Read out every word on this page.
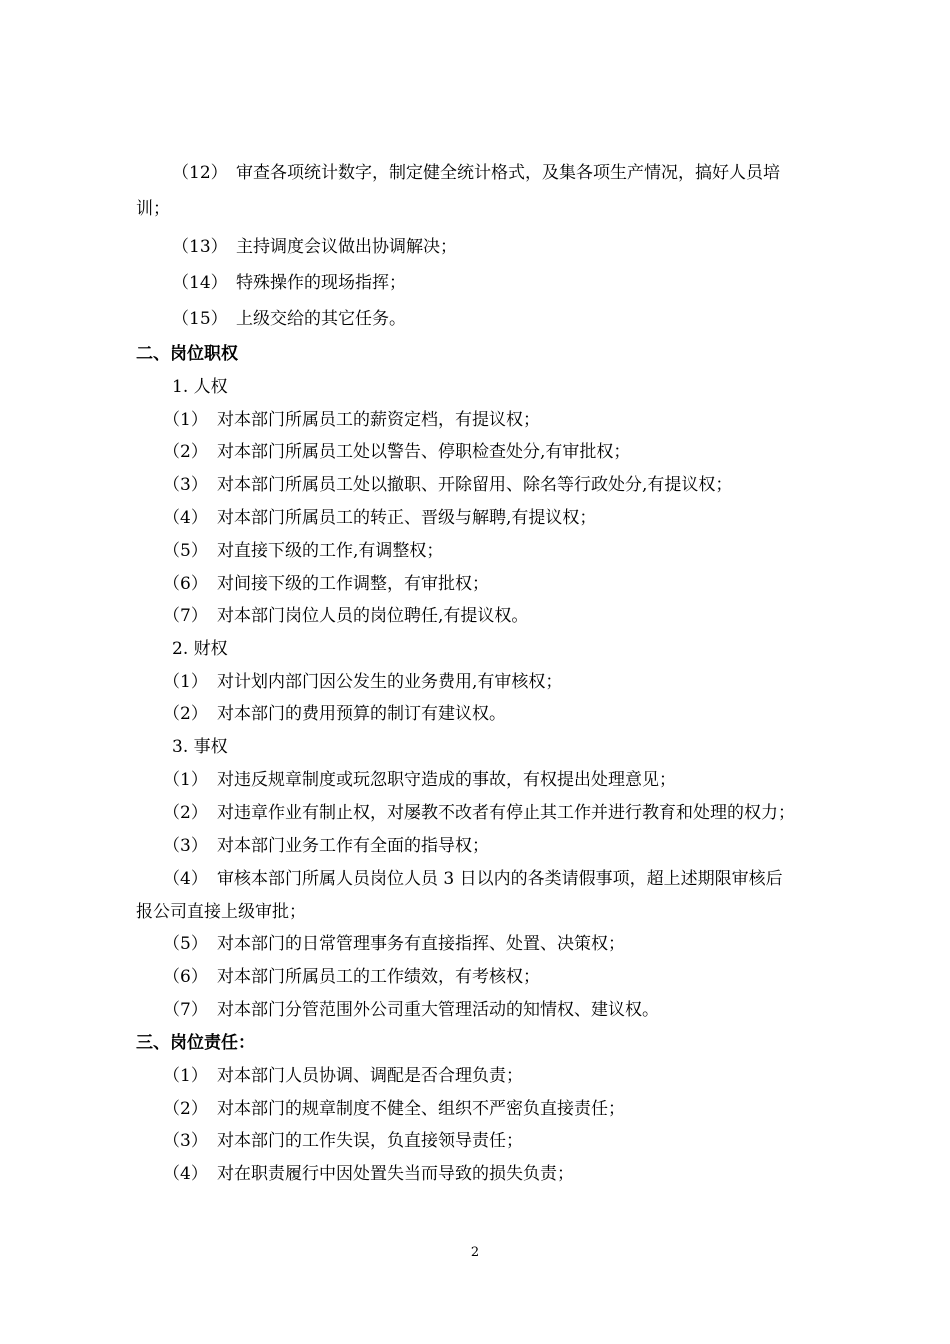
（12） 审查各项统计数字，制定健全统计格式，及集各项生产情况，搞好人员培
训；
（13） 主持调度会议做出协调解决；
（14） 特殊操作的现场指挥；
（15） 上级交给的其它任务。
二、岗位职权
1. 人权
（1） 对本部门所属员工的薪资定档，有提议权；
（2） 对本部门所属员工处以警告、停职检查处分,有审批权；
（3） 对本部门所属员工处以撤职、开除留用、除名等行政处分,有提议权；
（4） 对本部门所属员工的转正、晋级与解聘,有提议权；
（5） 对直接下级的工作,有调整权；
（6） 对间接下级的工作调整，有审批权；
（7） 对本部门岗位人员的岗位聘任,有提议权。
2. 财权
（1） 对计划内部门因公发生的业务费用,有审核权；
（2） 对本部门的费用预算的制订有建议权。
3. 事权
（1） 对违反规章制度或玩忽职守造成的事故，有权提出处理意见；
（2） 对违章作业有制止权，对屡教不改者有停止其工作并进行教育和处理的权力；
（3） 对本部门业务工作有全面的指导权；
（4） 审核本部门所属人员岗位人员 3 日以内的各类请假事项，超上述期限审核后
报公司直接上级审批；
（5） 对本部门的日常管理事务有直接指挥、处置、决策权；
（6） 对本部门所属员工的工作绩效，有考核权；
（7） 对本部门分管范围外公司重大管理活动的知情权、建议权。
三、岗位责任：
（1） 对本部门人员协调、调配是否合理负责；
（2） 对本部门的规章制度不健全、组织不严密负直接责任；
（3） 对本部门的工作失误，负直接领导责任；
（4） 对在职责履行中因处置失当而导致的损失负责；
2
